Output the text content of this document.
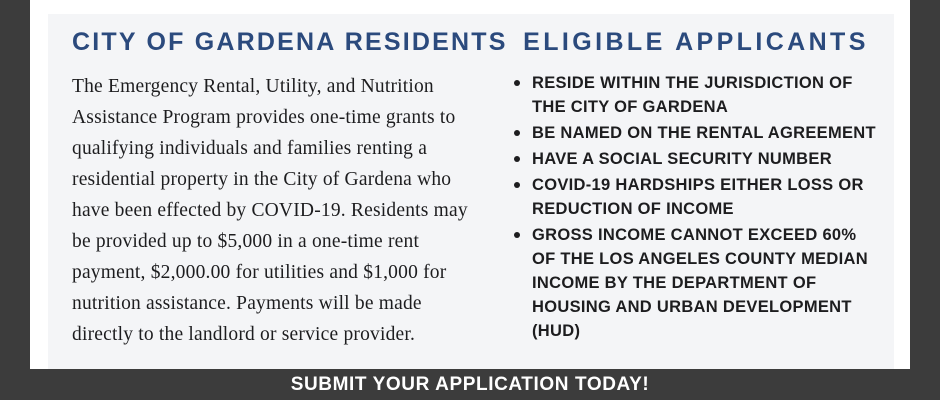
CITY OF GARDENA RESIDENTS

The Emergency Rental, Utility, and Nutrition Assistance Program provides one-time grants to qualifying individuals and families renting a residential property in the City of Gardena who have been effected by COVID-19. Residents may be provided up to $5,000 in a one-time rent payment, $2,000.00 for utilities and $1,000 for nutrition assistance. Payments will be made directly to the landlord or service provider.

ELIGIBLE APPLICANTS
RESIDE WITHIN THE JURISDICTION OF THE CITY OF GARDENA
BE NAMED ON THE RENTAL AGREEMENT
HAVE A SOCIAL SECURITY NUMBER
COVID-19 HARDSHIPS EITHER LOSS OR REDUCTION OF INCOME
GROSS INCOME CANNOT EXCEED 60% OF THE LOS ANGELES COUNTY MEDIAN INCOME BY THE DEPARTMENT OF HOUSING AND URBAN DEVELOPMENT (HUD)
SUBMIT YOUR APPLICATION TODAY!
